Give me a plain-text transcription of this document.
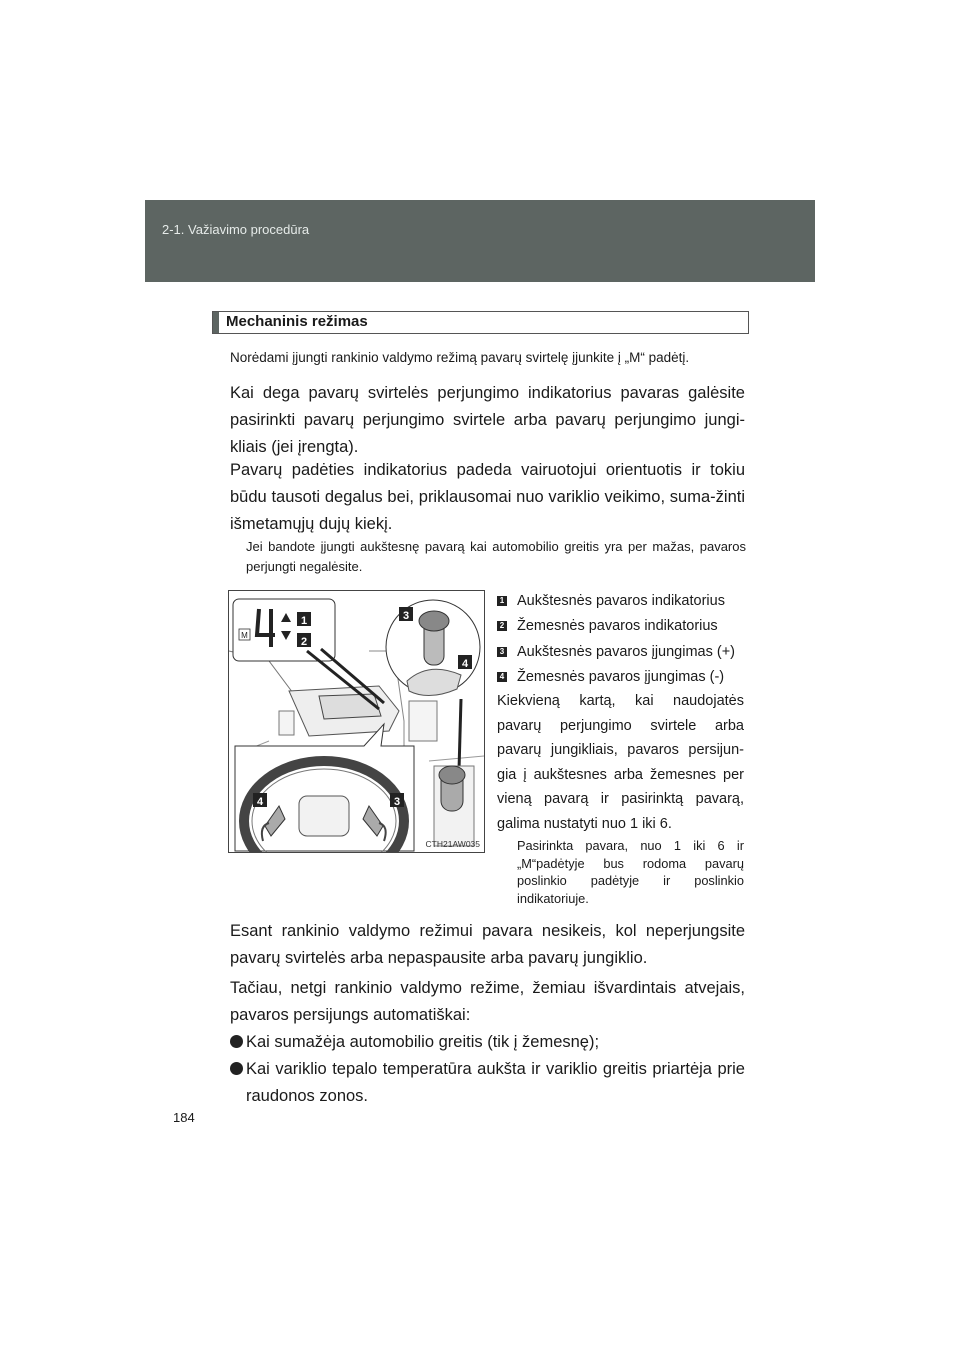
2-1. Važiavimo procedūra
Mechaninis režimas
Norėdami įjungti rankinio valdymo režimą pavarų svirtelę įjunkite į „M“ padėtį.
Kai dega pavarų svirtelės perjungimo indikatorius pavaras galėsite pasirinkti pavarų perjungimo svirtele arba pavarų perjungimo jungi-kliais (jei įrengta).
Pavarų padėties indikatorius padeda vairuotojui orientuotis ir tokiu būdu tausoti degalus bei, priklausomai nuo variklio veikimo, suma-žinti išmetamųjų dujų kiekį.
Jei bandote įjungti aukštesnę pavarą kai automobilio greitis yra per mažas, pavaros perjungti negalėsite.
1
2
3
4
4	3
M
CTH21AW035
1 Aukštesnės pavaros indikatorius
2 Žemesnės pavaros indikatorius
3 Aukštesnės pavaros įjungimas (+)
4 Žemesnės pavaros įjungimas (-)
Kiekvieną kartą, kai naudojatės pavarų perjungimo svirtele arba pavarų jungikliais, pavaros persijun-gia į aukštesnes arba žemesnes per vieną pavarą ir pasirinktą pavarą, galima nustatyti nuo 1 iki 6.
Pasirinkta pavara, nuo 1 iki 6 ir „M“padėtyje bus rodoma pavarų poslinkio padėtyje ir poslinkio indikatoriuje.
Esant rankinio valdymo režimui pavara nesikeis, kol neperjungsite pavarų svirtelės arba nepaspausite arba pavarų jungiklio.
Tačiau, netgi rankinio valdymo režime, žemiau išvardintais atvejais, pavaros persijungs automatiškai:
Kai sumažėja automobilio greitis (tik į žemesnę);
Kai variklio tepalo temperatūra aukšta ir variklio greitis priartėja prie raudonos zonos.
184
